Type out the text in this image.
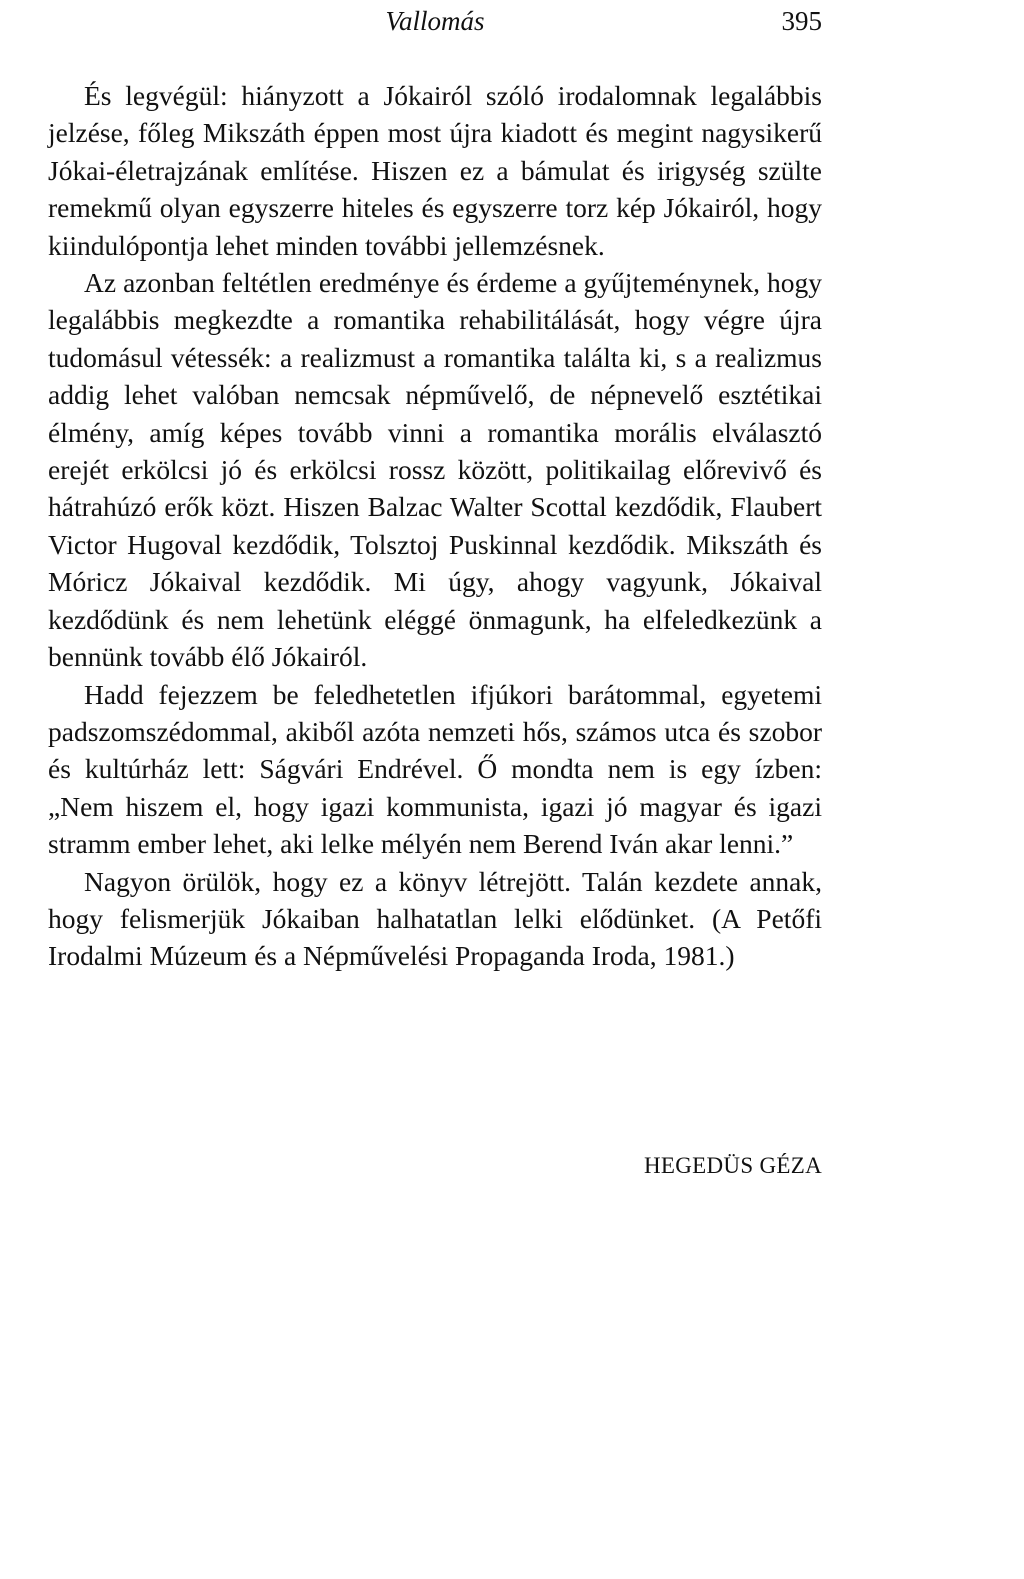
Vallomás	395

És legvégül: hiányzott a Jókairól szóló irodalomnak legalábbis jelzése, főleg Mikszáth éppen most újra kiadott és megint nagysikerű Jókai-életrajzának említése. Hiszen ez a bámulat és irigység szülte remekmű olyan egyszerre hiteles és egyszerre torz kép Jókairól, hogy kiindulópontja lehet minden további jellemzésnek.

Az azonban feltétlen eredménye és érdeme a gyűjteménynek, hogy legalábbis megkezdte a romantika rehabilitálását, hogy végre újra tudomásul vétessék: a realizmust a romantika találta ki, s a realizmus addig lehet valóban nemcsak népművelő, de népnevelő esztétikai élmény, amíg képes tovább vinni a romantika morális elválasztó erejét erkölcsi jó és erkölcsi rossz között, politikailag előrevivő és hátrahúzó erők közt. Hiszen Balzac Walter Scottal kezdődik, Flaubert Victor Hugoval kezdődik, Tolsztoj Puskinnal kezdődik. Mikszáth és Móricz Jókaival kezdődik. Mi úgy, ahogy vagyunk, Jókaival kezdődünk és nem lehetünk eléggé önmagunk, ha elfeledkezünk a bennünk tovább élő Jókairól.

Hadd fejezzem be feledhetetlen ifjúkori barátommal, egyetemi padszomszédommal, akiből azóta nemzeti hős, számos utca és szobor és kultúrház lett: Ságvári Endrével. Ő mondta nem is egy ízben: „Nem hiszem el, hogy igazi kommunista, igazi jó magyar és igazi stramm ember lehet, aki lelke mélyén nem Berend Iván akar lenni.”

Nagyon örülök, hogy ez a könyv létrejött. Talán kezdete annak, hogy felismerjük Jókaiban halhatatlan lelki elődünket. (A Petőfi Irodalmi Múzeum és a Népművelési Propaganda Iroda, 1981.)

HEGEDÜS GÉZA
